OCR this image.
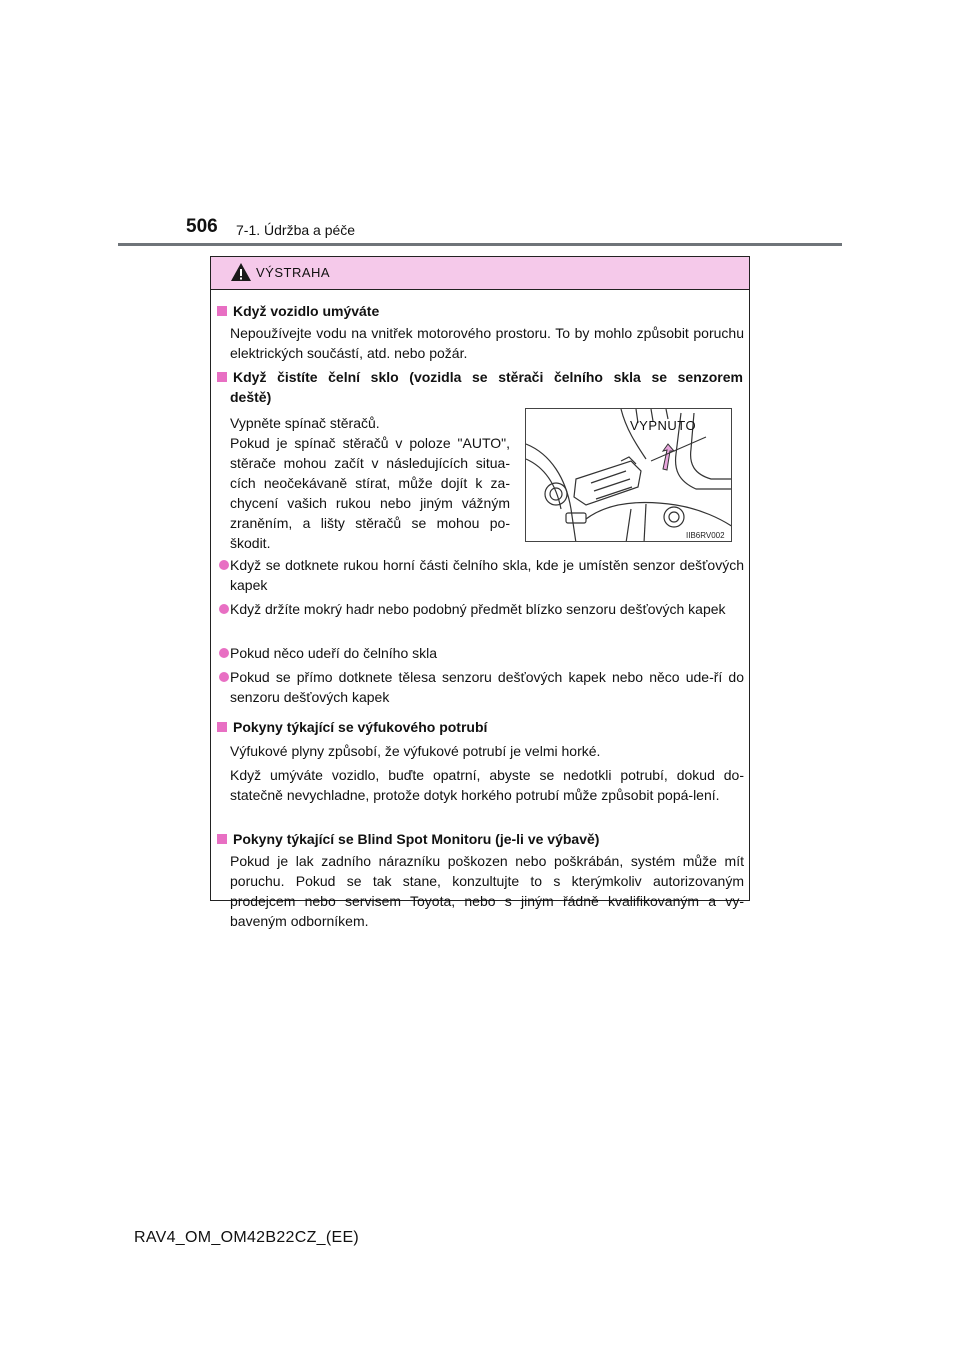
506 7-1. Údržba a péče
VÝSTRAHA
Když vozidlo umýváte
Nepoužívejte vodu na vnitřek motorového prostoru. To by mohlo způsobit poruchu elektrických součástí, atd. nebo požár.
Když čistíte čelní sklo (vozidla se stěrači čelního skla se senzorem
deště)
Vypněte spínač stěračů.
Pokud je spínač stěračů v poloze "AUTO",
stěrače mohou začít v následujících situa-
cích neočekávaně stírat, může dojít k za-
chycení vašich rukou nebo jiným vážným
zraněním, a lišty stěračů se mohou po-
škodit.
Když se dotknete rukou horní části čelního skla, kde je umístěn senzor dešťových kapek
Když držíte mokrý hadr nebo podobný předmět blízko senzoru dešťových kapek
Pokud něco udeří do čelního skla
Pokud se přímo dotknete tělesa senzoru dešťových kapek nebo něco ude-ří do senzoru dešťových kapek
Pokyny týkající se výfukového potrubí
Výfukové plyny způsobí, že výfukové potrubí je velmi horké.
Když umýváte vozidlo, buďte opatrní, abyste se nedotkli potrubí, dokud do-statečně nevychladne, protože dotyk horkého potrubí může způsobit popá-lení.
Pokyny týkající se Blind Spot Monitoru (je-li ve výbavě)
Pokud je lak zadního nárazníku poškozen nebo poškrábán, systém může mít poruchu. Pokud se tak stane, konzultujte to s kterýmkoliv autorizovaným prodejcem nebo servisem Toyota, nebo s jiným řádně kvalifikovaným a vy-baveným odborníkem.
VYPNUTO
IIB6RV002
RAV4_OM_OM42B22CZ_(EE)
